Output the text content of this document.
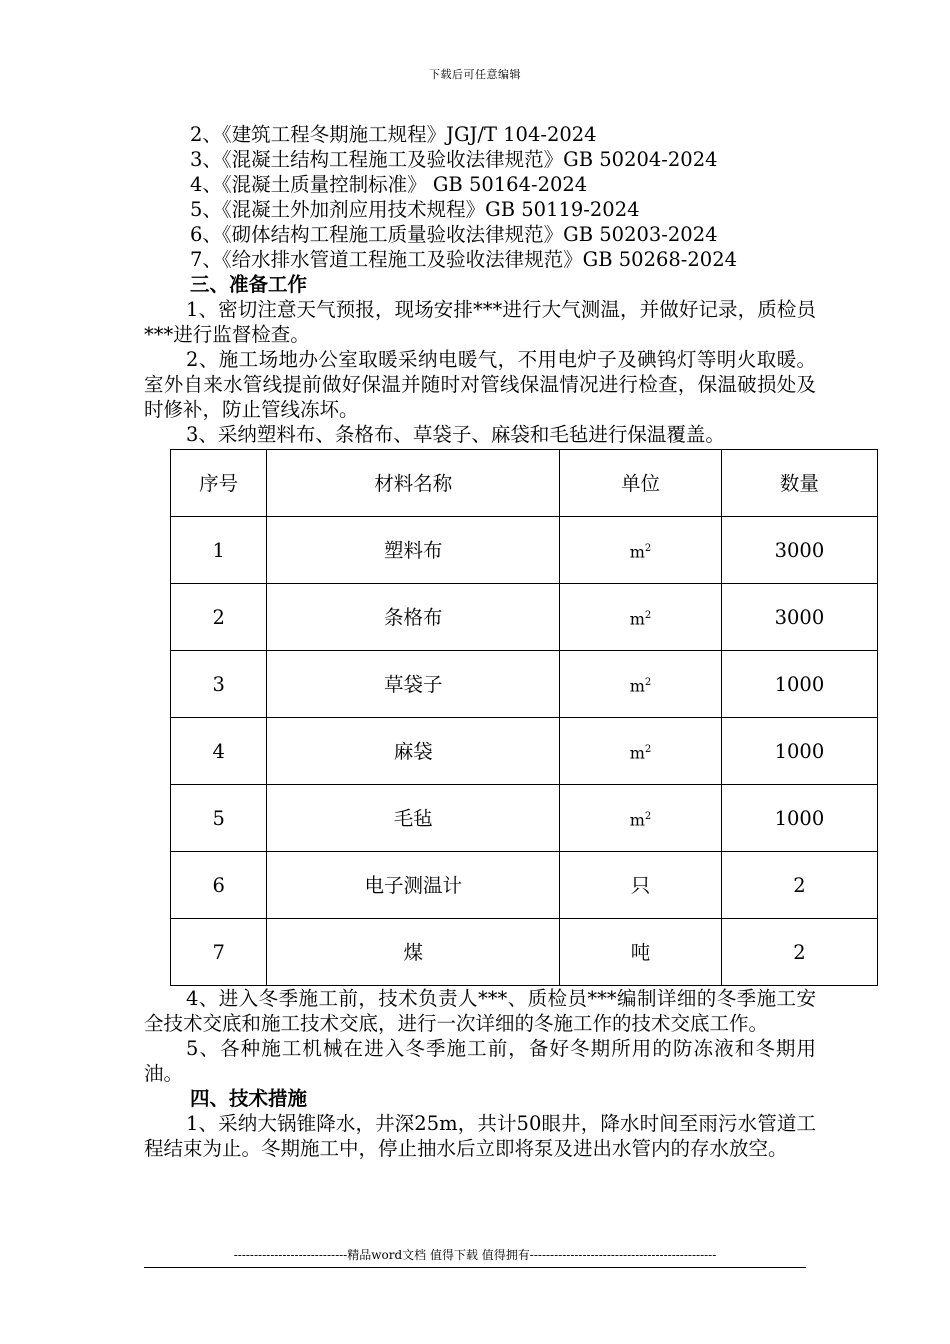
下载后可任意编辑
2、《建筑工程冬期施工规程》JGJ/T 104-2024
3、《混凝土结构工程施工及验收法律规范》GB 50204-2024
4、《混凝土质量控制标准》 GB 50164-2024
5、《混凝土外加剂应用技术规程》GB 50119-2024
6、《砌体结构工程施工质量验收法律规范》GB 50203-2024
7、《给水排水管道工程施工及验收法律规范》GB 50268-2024
三、准备工作
1、密切注意天气预报，现场安排***进行大气测温，并做好记录，质检员***进行监督检查。
2、施工场地办公室取暖采纳电暖气，不用电炉子及碘钨灯等明火取暖。室外自来水管线提前做好保温并随时对管线保温情况进行检查，保温破损处及时修补，防止管线冻坏。
3、采纳塑料布、条格布、草袋子、麻袋和毛毡进行保温覆盖。
序号	材料名称	单位	数量
1	塑料布	$m^2$	3000
2	条格布	$m^2$	3000
3	草袋子	$m^2$	1000
4	麻袋	$m^2$	1000
5	毛毡	$m^2$	1000
6	电子测温计	只	2
7	煤	吨	2
4、进入冬季施工前，技术负责人***、质检员***编制详细的冬季施工安全技术交底和施工技术交底，进行一次详细的冬施工作的技术交底工作。
5、各种施工机械在进入冬季施工前，备好冬期所用的防冻液和冬期用油。
四、技术措施
1、采纳大锅锥降水，井深25m，共计50眼井，降水时间至雨污水管道工程结束为止。冬期施工中，停止抽水后立即将泵及进出水管内的存水放空。
----------------------------精品word文档 值得下载 值得拥有----------------------------------------------
